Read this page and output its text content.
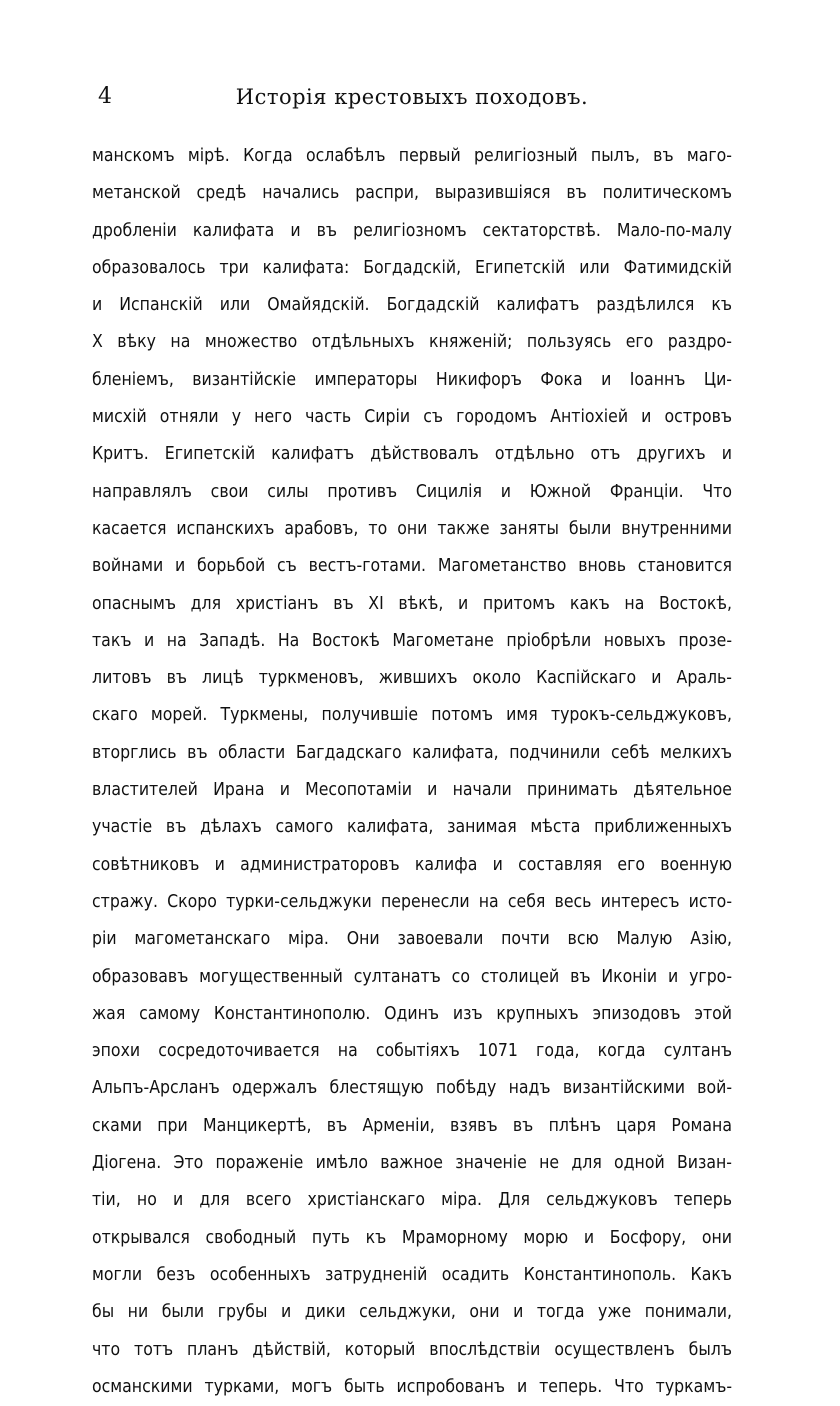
4	Исторія крестовыхъ походовъ.
манскомъ мірѣ. Когда ослабѣлъ первый религіозный пылъ, въ маго-
метанской средѣ начались распри, выразившіяся въ политическомъ
дробленіи калифата и въ религіозномъ сектаторствѣ. Мало-по-малу
образовалось три калифата: Богдадскій, Египетскій или Фатимидскій
и Испанскій или Омайядскій. Богдадскій калифатъ раздѣлился къ
X вѣку на множество отдѣльныхъ княженій; пользуясь его раздро-
бленіемъ, византійскіе императоры Никифоръ Фока и Іоаннъ Ци-
мисхій отняли у него часть Сиріи съ городомъ Антіохіей и островъ
Критъ. Египетскій калифатъ дѣйствовалъ отдѣльно отъ другихъ и
направлялъ свои силы противъ Сицилія и Южной Франціи. Что
касается испанскихъ арабовъ, то они также заняты были внутренними
войнами и борьбой съ вестъ-готами. Магометанство вновь становится
опаснымъ для христіанъ въ XI вѣкѣ, и притомъ какъ на Востокѣ,
такъ и на Западѣ. На Востокѣ Магометане пріобрѣли новыхъ прозе-
литовъ въ лицѣ туркменовъ, жившихъ около Каспійскаго и Араль-
скаго морей. Туркмены, получившіе потомъ имя турокъ-сельджуковъ,
вторглись въ области Багдадскаго калифата, подчинили себѣ мелкихъ
властителей Ирана и Месопотаміи и начали принимать дѣятельное
участіе въ дѣлахъ самого калифата, занимая мѣста приближенныхъ
совѣтниковъ и администраторовъ калифа и составляя его военную
стражу. Скоро турки-сельджуки перенесли на себя весь интересъ исто-
ріи магометанскаго міра. Они завоевали почти всю Малую Азію,
образовавъ могущественный султанатъ со столицей въ Иконіи и угро-
жая самому Константинополю. Одинъ изъ крупныхъ эпизодовъ этой
эпохи сосредоточивается на событіяхъ 1071 года, когда султанъ
Альпъ-Арсланъ одержалъ блестящую побѣду надъ византійскими вой-
сками при Манцикертѣ, въ Арменіи, взявъ въ плѣнъ царя Романа
Діогена. Это пораженіе имѣло важное значеніе не для одной Визан-
тіи, но и для всего христіанскаго міра. Для сельджуковъ теперь
открывался свободный путь къ Мраморному морю и Босфору, они
могли безъ особенныхъ затрудненій осадить Константинополь. Какъ
бы ни были грубы и дики сельджуки, они и тогда уже понимали,
что тотъ планъ дѣйствій, который впослѣдствіи осуществленъ былъ
османскими турками, могъ быть испробованъ и теперь. Что туркамъ-
